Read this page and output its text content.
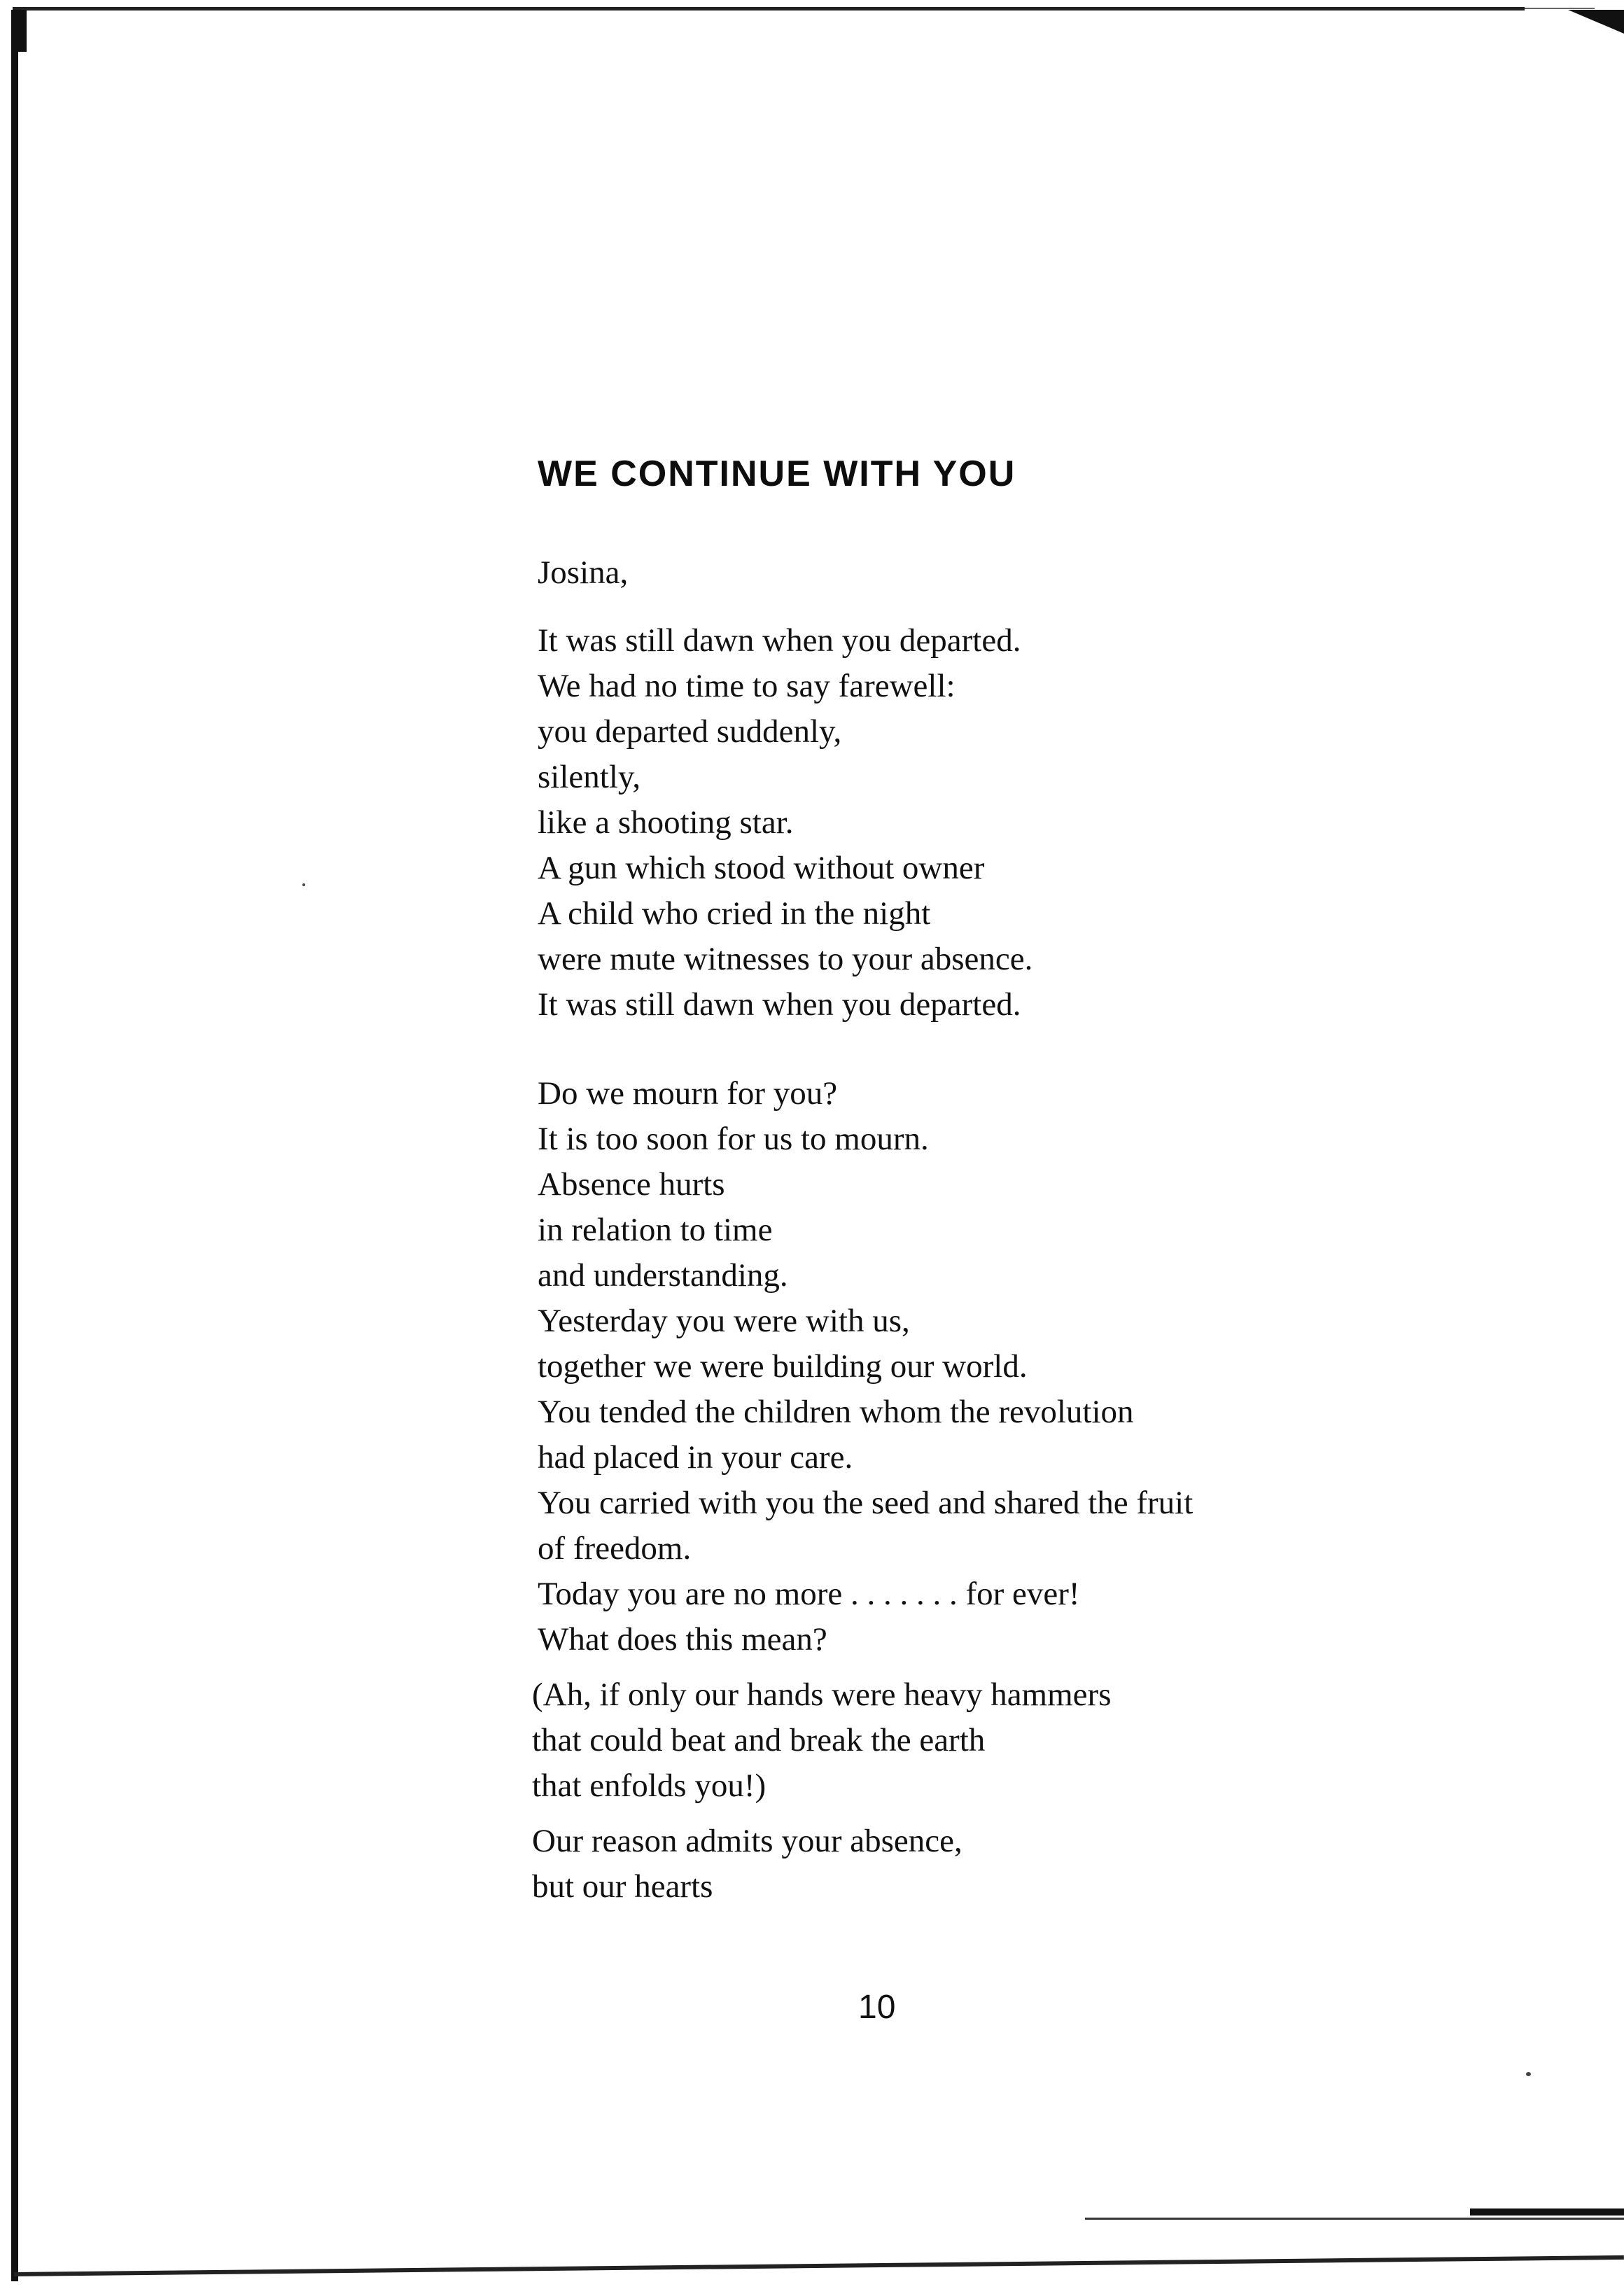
WE CONTINUE WITH YOU
Josina,
It was still dawn when you departed.
We had no time to say farewell:
you departed suddenly,
silently,
like a shooting star.
A gun which stood without owner
A child who cried in the night
were mute witnesses to your absence.
It was still dawn when you departed.
Do we mourn for you?
It is too soon for us to mourn.
Absence hurts
in relation to time
and understanding.
Yesterday you were with us,
together we were building our world.
You tended the children whom the revolution
had placed in your care.
You carried with you the seed and shared the fruit
of freedom.
Today you are no more . . . . . . . for ever!
What does this mean?
(Ah, if only our hands were heavy hammers
that could beat and break the earth
that enfolds you!)
Our reason admits your absence,
but our hearts
10
